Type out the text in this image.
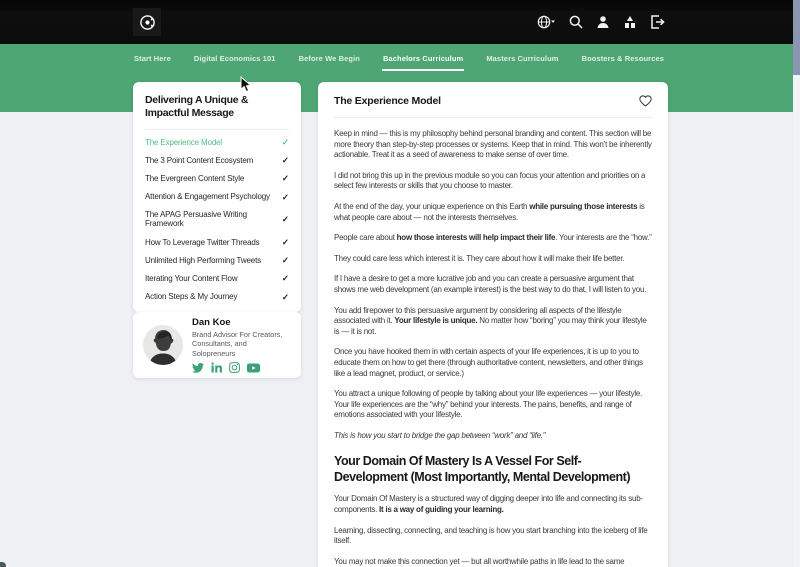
Start Here	Digital Economics 101	Before We Begin	Bachelors Curriculum	Masters Curriculum	Boosters & Resources
Delivering A Unique & Impactful Message
The Experience Model	✓
The 3 Point Content Ecosystem	✓
The Evergreen Content Style	✓
Attention & Engagement Psychology ✓
The APAG Persuasive Writing Framework	✓
How To Leverage Twitter Threads	✓
Unlimited High Performing Tweets ✓
Iterating Your Content Flow	✓
Action Steps & My Journey	✓
Dan Koe
Brand Advisor For Creators, Consultants, and Solopreneurs
The Experience Model

Keep in mind — this is my philosophy behind personal branding and content. This section will be more theory than step-by-step processes or systems. Keep that in mind. This won’t be inherently actionable. Treat it as a seed of awareness to make sense of over time.

I did not bring this up in the previous module so you can focus your attention and priorities on a select few interests or skills that you choose to master.

At the end of the day, your unique experience on this Earth while pursuing those interests is what people care about — not the interests themselves.

People care about how those interests will help impact their life. Your interests are the “how.”

They could care less which interest it is. They care about how it will make their life better.

If I have a desire to get a more lucrative job and you can create a persuasive argument that shows me web development (an example interest) is the best way to do that, I will listen to you.

You add firepower to this persuasive argument by considering all aspects of the lifestyle associated with it. Your lifestyle is unique. No matter how “boring” you may think your lifestyle is — it is not.

Once you have hooked them in with certain aspects of your life experiences, it is up to you to educate them on how to get there (through authoritative content, newsletters, and other things like a lead magnet, product, or service.)

You attract a unique following of people by talking about your life experiences — your lifestyle. Your life experiences are the “why” behind your interests. The pains, benefits, and range of emotions associated with your lifestyle.

This is how you start to bridge the gap between “work” and “life.”

Your Domain Of Mastery Is A Vessel For Self-Development (Most Importantly, Mental Development)

Your Domain Of Mastery is a structured way of digging deeper into life and connecting its sub-components. It is a way of guiding your learning.

Learning, dissecting, connecting, and teaching is how you start branching into the iceberg of life itself.

You may not make this connection yet — but all worthwhile paths in life lead to the same
